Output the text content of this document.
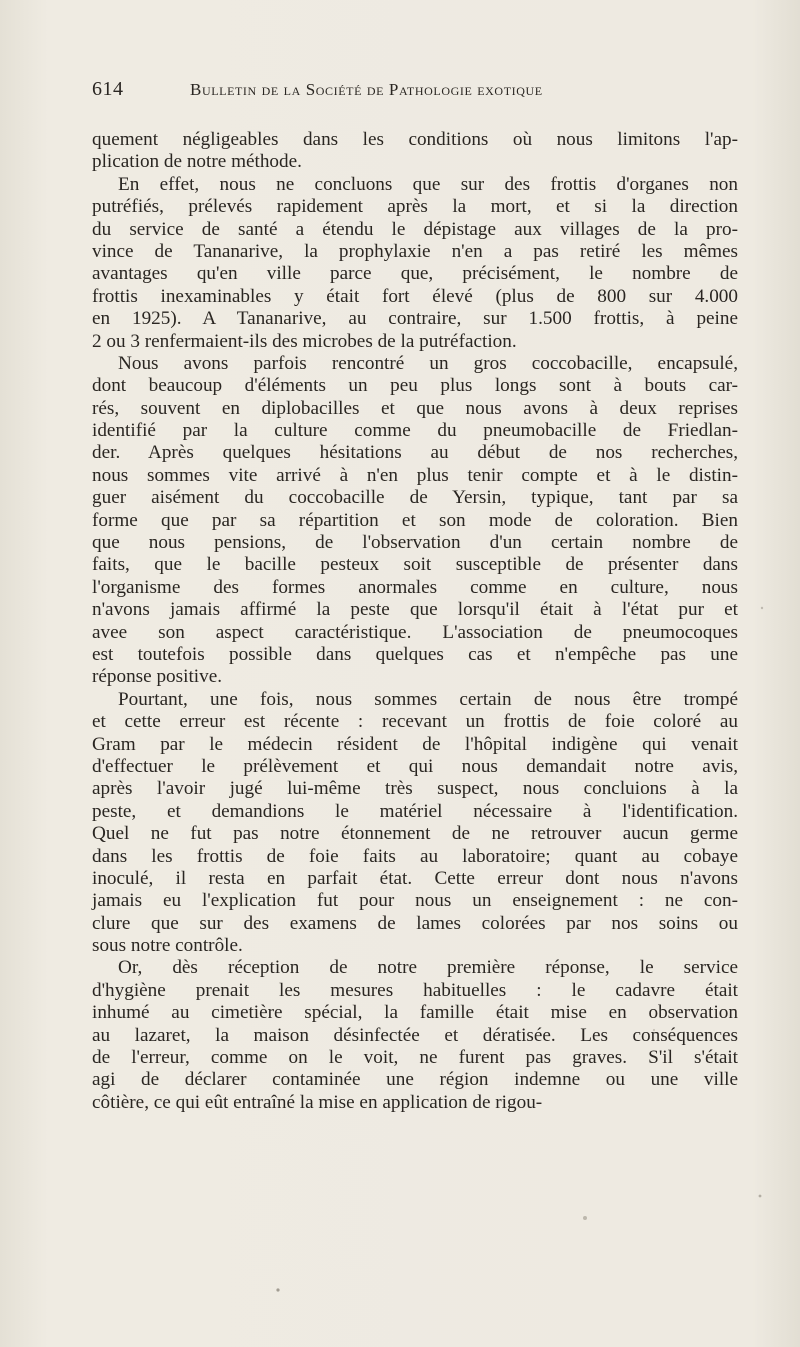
614	Bulletin de la Société de Pathologie exotique
quement négligeables dans les conditions où nous limitons l'ap-
plication de notre méthode.
En effet, nous ne concluons que sur des frottis d'organes non
putréfiés, prélevés rapidement après la mort, et si la direction
du service de santé a étendu le dépistage aux villages de la pro-
vince de Tananarive, la prophylaxie n'en a pas retiré les mêmes
avantages qu'en ville parce que, précisément, le nombre de
frottis inexaminables y était fort élevé (plus de 800 sur 4.000
en 1925). A Tananarive, au contraire, sur 1.500 frottis, à peine
2 ou 3 renfermaient-ils des microbes de la putréfaction.
Nous avons parfois rencontré un gros coccobacille, encapsulé,
dont beaucoup d'éléments un peu plus longs sont à bouts car-
rés, souvent en diplobacilles et que nous avons à deux reprises
identifié par la culture comme du pneumobacille de Friedlan-
der. Après quelques hésitations au début de nos recherches,
nous sommes vite arrivé à n'en plus tenir compte et à le distin-
guer aisément du coccobacille de Yersin, typique, tant par sa
forme que par sa répartition et son mode de coloration. Bien
que nous pensions, de l'observation d'un certain nombre de
faits, que le bacille pesteux soit susceptible de présenter dans
l'organisme des formes anormales comme en culture, nous
n'avons jamais affirmé la peste que lorsqu'il était à l'état pur et
avee son aspect caractéristique. L'association de pneumocoques
est toutefois possible dans quelques cas et n'empêche pas une
réponse positive.
Pourtant, une fois, nous sommes certain de nous être trompé
et cette erreur est récente : recevant un frottis de foie coloré au
Gram par le médecin résident de l'hôpital indigène qui venait
d'effectuer le prélèvement et qui nous demandait notre avis,
après l'avoir jugé lui-même très suspect, nous concluions à la
peste, et demandions le matériel nécessaire à l'identification.
Quel ne fut pas notre étonnement de ne retrouver aucun germe
dans les frottis de foie faits au laboratoire; quant au cobaye
inoculé, il resta en parfait état. Cette erreur dont nous n'avons
jamais eu l'explication fut pour nous un enseignement : ne con-
clure que sur des examens de lames colorées par nos soins ou
sous notre contrôle.
Or, dès réception de notre première réponse, le service
d'hygiène prenait les mesures habituelles : le cadavre était
inhumé au cimetière spécial, la famille était mise en observation
au lazaret, la maison désinfectée et dératisée. Les conséquences
de l'erreur, comme on le voit, ne furent pas graves. S'il s'était
agi de déclarer contaminée une région indemne ou une ville
côtière, ce qui eût entraîné la mise en application de rigou-
